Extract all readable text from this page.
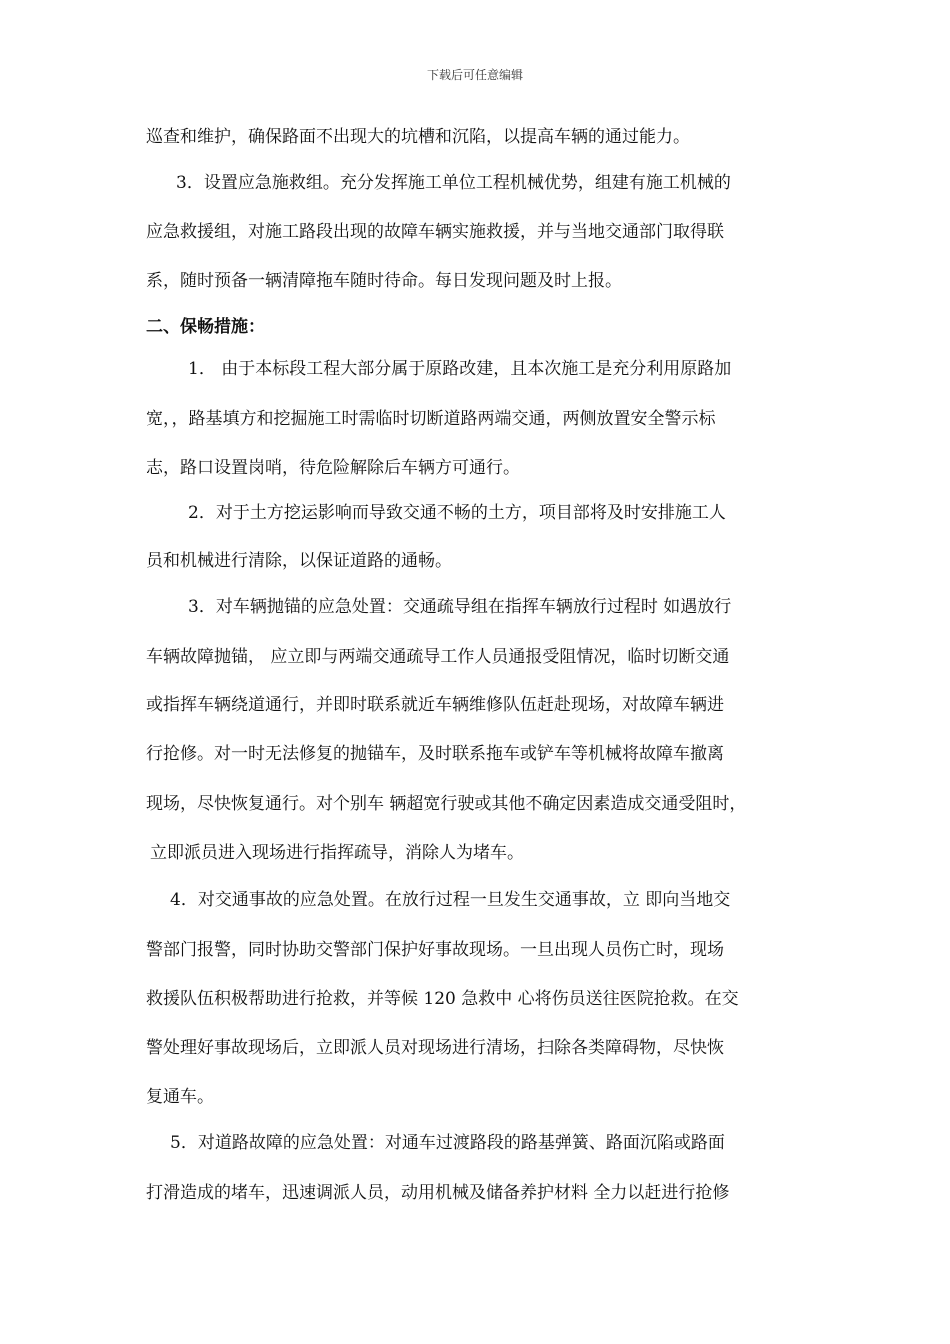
下载后可任意编辑
巡查和维护，确保路面不出现大的坑槽和沉陷，以提高车辆的通过能力。
3．设置应急施救组。充分发挥施工单位工程机械优势，组建有施工机械的
应急救援组，对施工路段出现的故障车辆实施救援，并与当地交通部门取得联
系，随时预备一辆清障拖车随时待命。每日发现问题及时上报。
二、保畅措施：
1． 由于本标段工程大部分属于原路改建，且本次施工是充分利用原路加
宽，，路基填方和挖掘施工时需临时切断道路两端交通，两侧放置安全警示标
志，路口设置岗哨，待危险解除后车辆方可通行。
2．对于土方挖运影响而导致交通不畅的土方，项目部将及时安排施工人
员和机械进行清除，以保证道路的通畅。
3．对车辆抛锚的应急处置：交通疏导组在指挥车辆放行过程时 如遇放行
车辆故障抛锚， 应立即与两端交通疏导工作人员通报受阻情况，临时切断交通
或指挥车辆绕道通行，并即时联系就近车辆维修队伍赶赴现场，对故障车辆进
行抢修。对一时无法修复的抛锚车，及时联系拖车或铲车等机械将故障车撤离
现场，尽快恢复通行。对个别车 辆超宽行驶或其他不确定因素造成交通受阻时，
立即派员进入现场进行指挥疏导，消除人为堵车。
4．对交通事故的应急处置。在放行过程一旦发生交通事故，立 即向当地交
警部门报警，同时协助交警部门保护好事故现场。一旦出现人员伤亡时，现场
救援队伍积极帮助进行抢救，并等候 120 急救中 心将伤员送往医院抢救。在交
警处理好事故现场后，立即派人员对现场进行清场，扫除各类障碍物，尽快恢
复通车。
5．对道路故障的应急处置：对通车过渡路段的路基弹簧、路面沉陷或路面
打滑造成的堵车，迅速调派人员，动用机械及储备养护材料 全力以赶进行抢修
